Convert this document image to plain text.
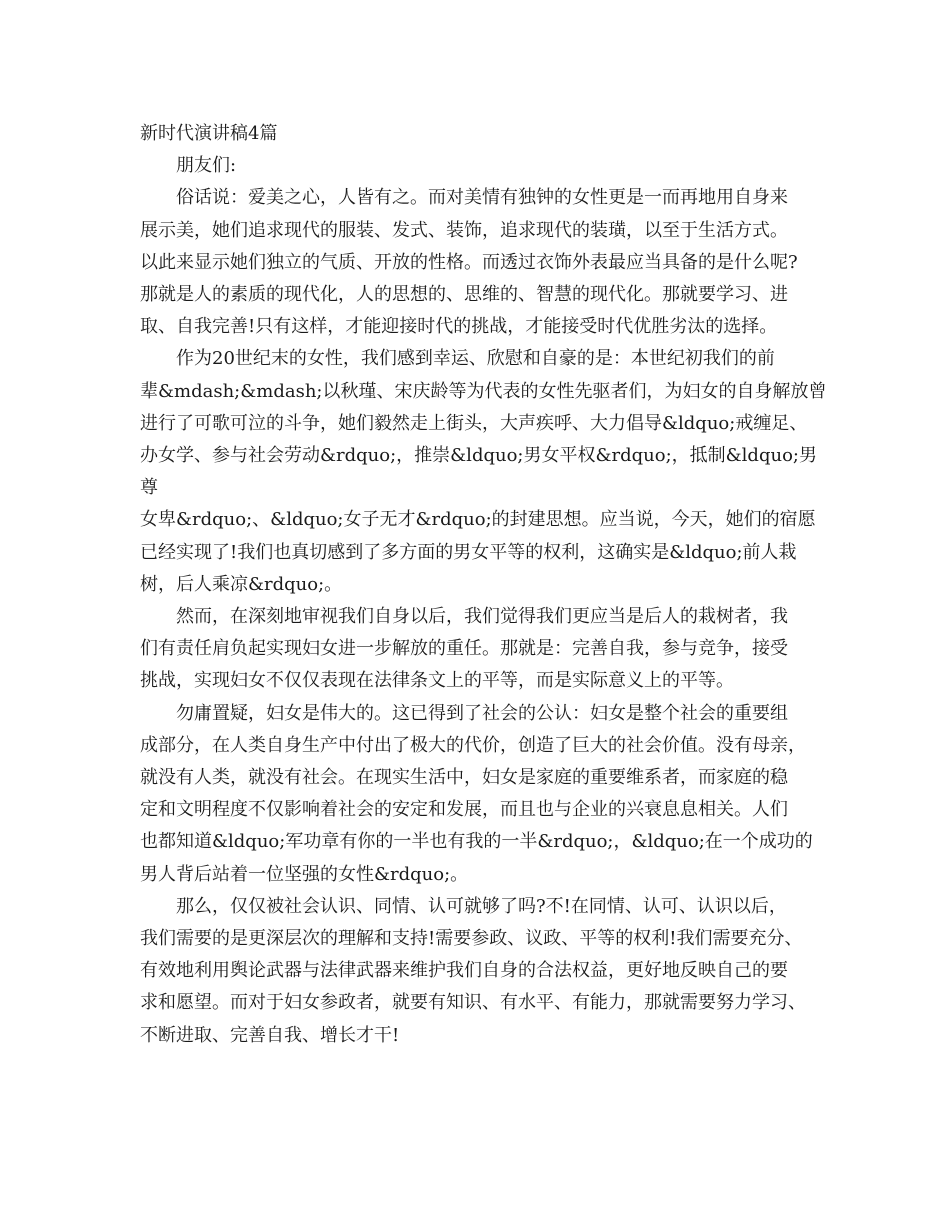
新时代演讲稿4篇

朋友们:

俗话说：爱美之心，人皆有之。而对美情有独钟的女性更是一而再地用自身来
展示美，她们追求现代的服装、发式、装饰，追求现代的装璜，以至于生活方式。
以此来显示她们独立的气质、开放的性格。而透过衣饰外表最应当具备的是什么呢?
那就是人的素质的现代化，人的思想的、思维的、智慧的现代化。那就要学习、进
取、自我完善!只有这样，才能迎接时代的挑战，才能接受时代优胜劣汰的选择。

作为20世纪末的女性，我们感到幸运、欣慰和自豪的是：本世纪初我们的前
辈&mdash;&mdash;以秋瑾、宋庆龄等为代表的女性先驱者们，为妇女的自身解放曾
进行了可歌可泣的斗争，她们毅然走上街头，大声疾呼、大力倡导&ldquo;戒缠足、
办女学、参与社会劳动&rdquo;，推崇&ldquo;男女平权&rdquo;，抵制&ldquo;男尊
女卑&rdquo;、&ldquo;女子无才&rdquo;的封建思想。应当说，今天，她们的宿愿
已经实现了!我们也真切感到了多方面的男女平等的权利，这确实是&ldquo;前人栽
树，后人乘凉&rdquo;。

然而，在深刻地审视我们自身以后，我们觉得我们更应当是后人的栽树者，我
们有责任肩负起实现妇女进一步解放的重任。那就是：完善自我，参与竞争，接受
挑战，实现妇女不仅仅表现在法律条文上的平等，而是实际意义上的平等。

勿庸置疑，妇女是伟大的。这已得到了社会的公认：妇女是整个社会的重要组
成部分，在人类自身生产中付出了极大的代价，创造了巨大的社会价值。没有母亲，
就没有人类，就没有社会。在现实生活中，妇女是家庭的重要维系者，而家庭的稳
定和文明程度不仅影响着社会的安定和发展，而且也与企业的兴衰息息相关。人们
也都知道&ldquo;军功章有你的一半也有我的一半&rdquo;，&ldquo;在一个成功的
男人背后站着一位坚强的女性&rdquo;。

那么，仅仅被社会认识、同情、认可就够了吗?不!在同情、认可、认识以后，
我们需要的是更深层次的理解和支持!需要参政、议政、平等的权利!我们需要充分、
有效地利用舆论武器与法律武器来维护我们自身的合法权益，更好地反映自己的要
求和愿望。而对于妇女参政者，就要有知识、有水平、有能力，那就需要努力学习、
不断进取、完善自我、增长才干!
